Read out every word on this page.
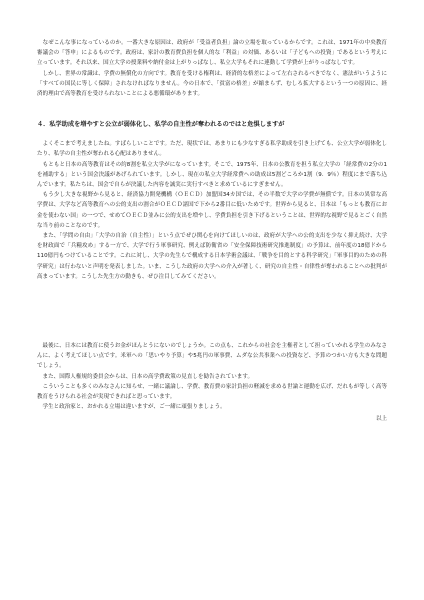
　なぜこんな事になっているのか。一番大きな原因は、政府が「受益者負担」論の立場を取っているからです。これは、1971年の中央教育審議会の「答申」によるものです。政府は、家計の教育費負担を個人的な「利益」の対価、あるいは「子どもへの投資」であるという考えに立っています。それ以来、国立大学の授業料や納付金は上がりっぱなし、私立大学もそれに連動して学費が上がりっぱなしです。

　しかし、世界の常識は、学費の無償化の方向です。教育を受ける権利は、経済的な格差によって左右されるべきでなく、憲法がいうように「すべての国民に等しく保障」されなければなりません。今の日本で、「貧富の格差」が縮まらず、むしろ拡大するという一つの原因に、経済的理由で高等教育を受けられないことによる悪循環があります。

４．私学助成を増やすと公立が弱体化し、私学の自主性が奪われるのではと危惧しますが

　よくそこまで考えましたね。すばらしいことです。ただ、現状では、あまりにも少なすぎる私学助成を引き上げても、公立大学が弱体化したり、私学の自主性が奪われる心配はありません。

　もともと日本の高等教育はその約8割を私立大学がになっています。そこで、1975年、日本の公教育を担う私立大学の「経常費の2分の1を補助する」という国会決議があげられています。しかし、現在の私立大学経常費への助成は5割どころか1割（9．9％）程度にまで落ち込んでいます。私たちは、国会で自らが決議した内容を誠実に実行すべきと求めているにすぎません。

　もう少し大きな視野から見ると、経済協力開発機構（ＯＥＣＤ）加盟国34カ国では、その半数で大学の学費が無償です。日本の異常な高学費は、大学など高等教育への公的支出の割合がＯＥＣＤ諸国で下から2番目に低いためです。世界から見ると、日本は「もっとも教育にお金を使わない国」の一つで、せめてＯＥＣＤ並みに公的支出を増やし、学費負担を引き下げるということは、世界的な視野で見るとごく自然な当り前のことなのです。

　また、「学問の自由」「大学の自治（自主性）」という点でぜひ関心を向けてほしいのは、政府が大学への公的支出を少なく抑え続け、大学を財政面で「兵糧攻め」する一方で、大学で行う軍事研究、例えば防衛省の「安全保障技術研究推進制度」の予算は、前年度の18億ドから110億円もつけていることです。これに対し、大学の先生らで構成する日本学術会議は、「戦争を目的とする科学研究」「軍事目的のための科学研究」は行わないと声明を発表しました。いま、こうした政府の大学への介入が著しく、研究の自主性・自律性が奪われることへの批判が高まっています。こうした先生方の動きも、ぜひ注目してみてください。

　最後に、日本には教育に使うお金がほんとうにないのでしょうか。この点も、これからの社会を主権者として担っていかれる学生のみなさんに、よく考えてほしい点です。米軍への「思いやり予算」や5兆円の軍事費、ムダな公共事業への投資など、予算のつかい方も大きな問題でしょう。

　また、国際人権規約委員会からは、日本の高学費政策の見直しを勧告されています。

　こういうことも多くのみなさんに知らせ、一緒に議論し、学費、教育費の家計負担の軽減を求める世論と運動を広げ、だれもが等しく高等教育をうけられる社会が実現できればと思っています。

　学生と政治家と、おかれる立場は違いますが、ご一緒に頑張りましょう。

以上
